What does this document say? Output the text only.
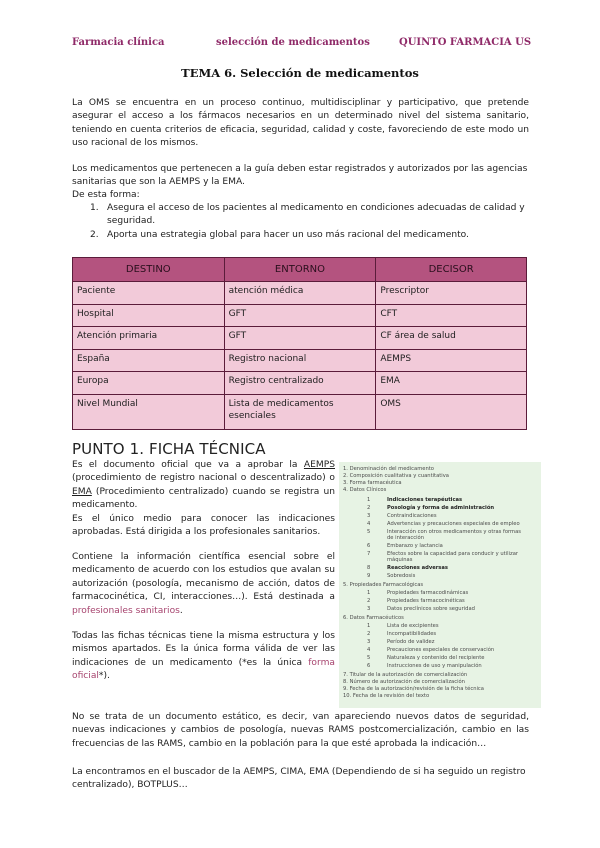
Farmacia clínica	selección de medicamentos	QUINTO FARMACIA US
TEMA 6. Selección de medicamentos

La OMS se encuentra en un proceso continuo, multidisciplinar y participativo, que pretende asegurar el acceso a los fármacos necesarios en un determinado nivel del sistema sanitario, teniendo en cuenta criterios de eficacia, seguridad, calidad y coste, favoreciendo de este modo un uso racional de los mismos.

Los medicamentos que pertenecen a la guía deben estar registrados y autorizados por las agencias sanitarias que son la AEMPS y la EMA.

De esta forma:

1. Asegura el acceso de los pacientes al medicamento en condiciones adecuadas de calidad y seguridad.
2. Aporta una estrategia global para hacer un uso más racional del medicamento.
DESTINO	ENTORNO	DECISOR
Paciente	atención médica	Prescriptor
Hospital	GFT	CFT
Atención primaria	GFT	CF área de salud
España	Registro nacional	AEMPS
Europa	Registro centralizado	EMA
Nivel Mundial	Lista de medicamentos esenciales	OMS
PUNTO 1. FICHA TÉCNICA

Es el documento oficial que va a aprobar la AEMPS (procedimiento de registro nacional o descentralizado) o EMA (Procedimiento centralizado) cuando se registra un medicamento.
Es el único medio para conocer las indicaciones aprobadas. Está dirigida a los profesionales sanitarios.

Contiene la información científica esencial sobre el medicamento de acuerdo con los estudios que avalan su autorización (posología, mecanismo de acción, datos de farmacocinética, CI, interacciones…). Está destinada a profesionales sanitarios.

Todas las fichas técnicas tiene la misma estructura y los mismos apartados. Es la única forma válida de ver las indicaciones de un medicamento (*es la única forma oficial*).

No se trata de un documento estático, es decir, van apareciendo nuevos datos de seguridad, nuevas indicaciones y cambios de posología, nuevas RAMS postcomercialización, cambio en las frecuencias de las RAMS, cambio en la población para la que esté aprobada la indicación…

La encontramos en el buscador de la AEMPS, CIMA, EMA (Dependiendo de si ha seguido un registro centralizado), BOTPLUS…

1. Denominación del medicamento
2. Composición cualitativa y cuantitativa
3. Forma farmacéutica
4. Datos Clínicos
1	Indicaciones terapéuticas
2	Posología y forma de administración
3	Contraindicaciones
4	Advertencias y precauciones especiales de empleo
5	Interacción con otros medicamentos y otras formas
de interacción
6	Embarazo y lactancia
7	Efectos sobre la capacidad para conducir y utilizar
máquinas
8	Reacciones adversas
9	Sobredosis
5. Propiedades Farmacológicas
1	Propiedades farmacodinámicas
2	Propiedades farmacocinéticas
3	Datos preclínicos sobre seguridad
6. Datos Farmacéuticos
1	Lista de excipientes
2	Incompatibilidades
3	Período de validez
4	Precauciones especiales de conservación
5	Naturaleza y contenido del recipiente
6	Instrucciones de uso y manipulación
7. Titular de la autorización de comercialización
8. Número de autorización de comercialización
9. Fecha de la autorización/revisión de la ficha técnica
10. Fecha de la revisión del texto
